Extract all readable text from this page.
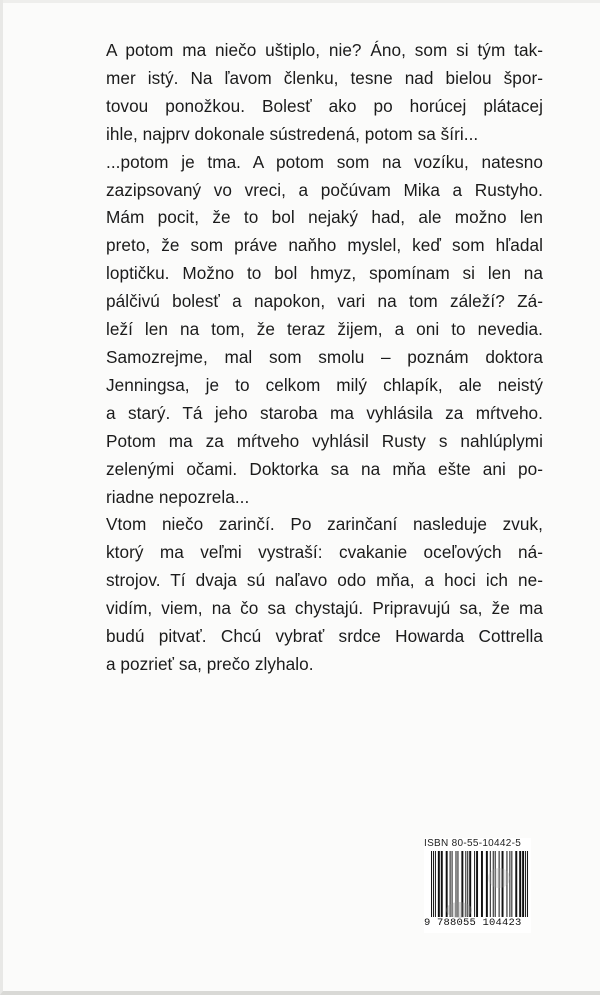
A potom ma niečo uštiplo, nie? Áno, som si tým tak-
mer istý. Na ľavom členku, tesne nad bielou špor-
tovou ponožkou. Bolesť ako po horúcej plátacej
ihle, najprv dokonale sústredená, potom sa šíri...
...potom je tma. A potom som na vozíku, natesno
zazipsovaný vo vreci, a počúvam Mika a Rustyho.
Mám pocit, že to bol nejaký had, ale možno len
preto, že som práve naňho myslel, keď som hľadal
loptičku. Možno to bol hmyz, spomínam si len na
pálčivú bolesť a napokon, vari na tom záleží? Zá-
leží len na tom, že teraz žijem, a oni to nevedia.
Samozrejme, mal som smolu – poznám doktora
Jenningsa, je to celkom milý chlapík, ale neistý
a starý. Tá jeho staroba ma vyhlásila za mŕtveho.
Potom ma za mŕtveho vyhlásil Rusty s nahlúplymi
zelenými očami. Doktorka sa na mňa ešte ani po-
riadne nepozrela...
Vtom niečo zarinčí. Po zarinčaní nasleduje zvuk,
ktorý ma veľmi vystraší: cvakanie oceľových ná-
strojov. Tí dvaja sú naľavo odo mňa, a hoci ich ne-
vidím, viem, na čo sa chystajú. Pripravujú sa, že ma
budú pitvať. Chcú vybrať srdce Howarda Cottrella
a pozrieť sa, prečo zlyhalo.
ISBN 80-55-10442-5
9 788055 104423
